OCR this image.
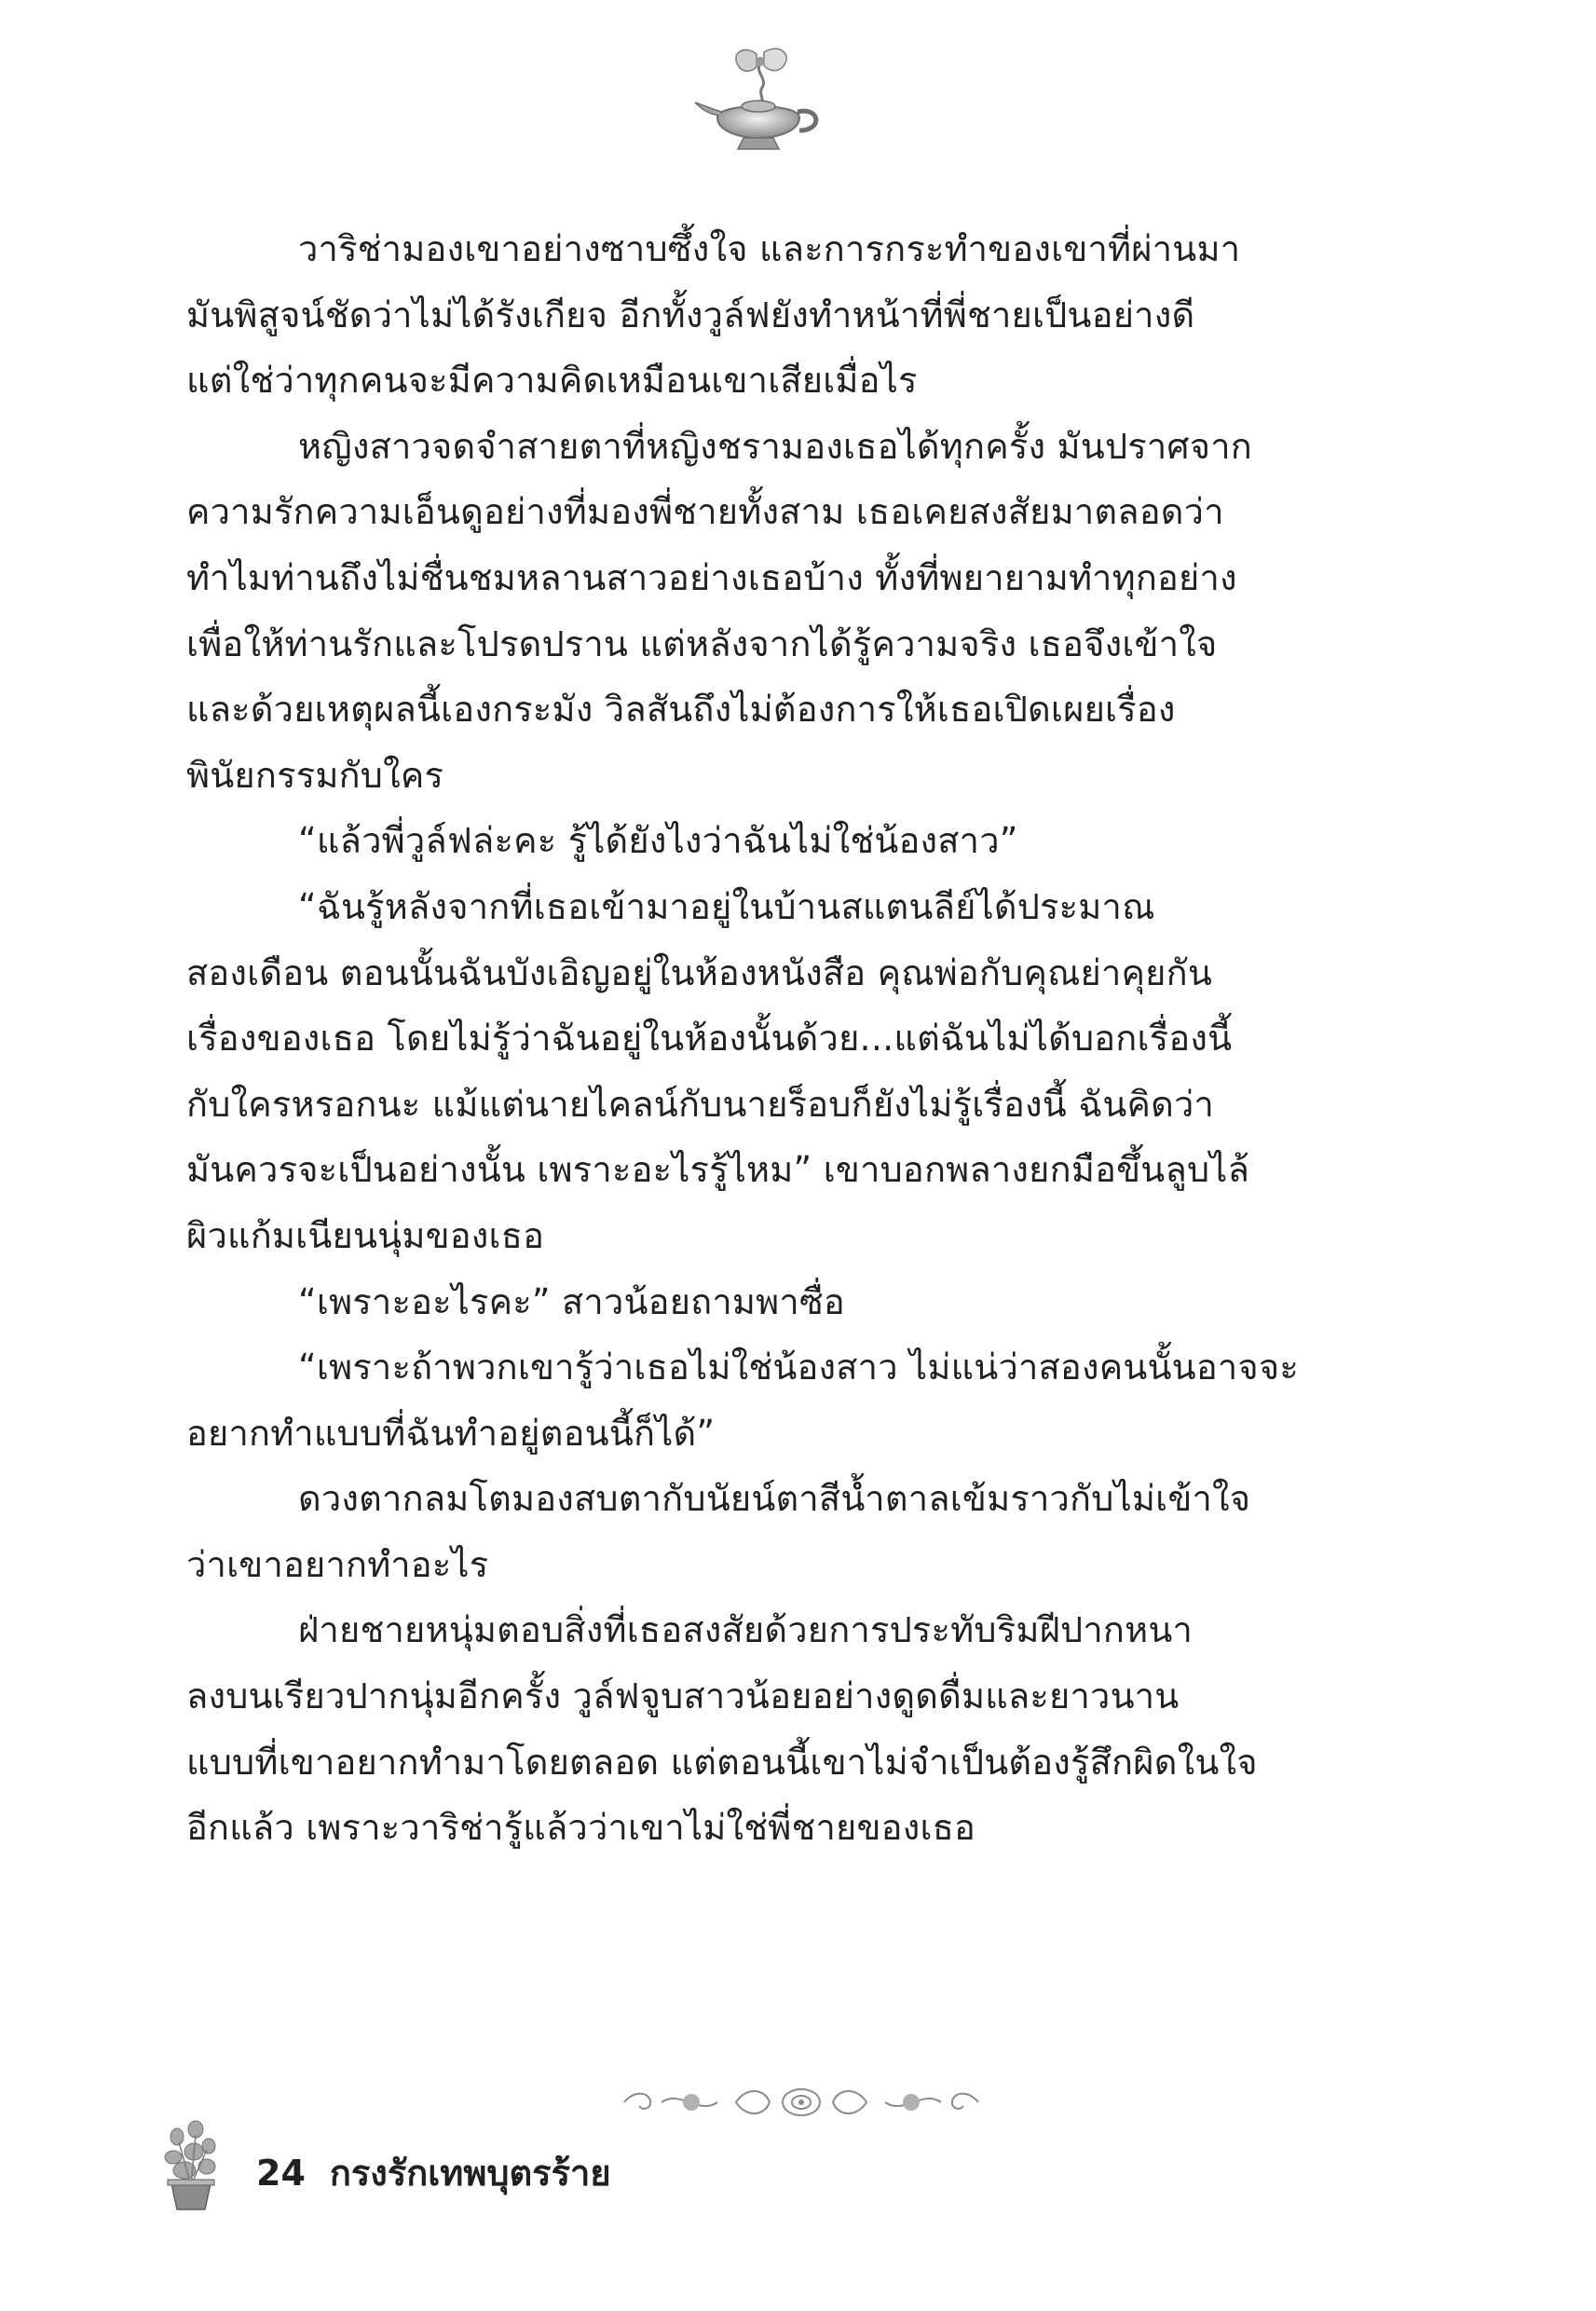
วาริช่ามองเขาอย่างซาบซึ้งใจ และการกระทำของเขาที่ผ่านมา
มันพิสูจน์ชัดว่าไม่ได้รังเกียจ อีกทั้งวูล์ฟยังทำหน้าที่พี่ชายเป็นอย่างดี
แต่ใช่ว่าทุกคนจะมีความคิดเหมือนเขาเสียเมื่อไร

หญิงสาวจดจำสายตาที่หญิงชรามองเธอได้ทุกครั้ง มันปราศจาก
ความรักความเอ็นดูอย่างที่มองพี่ชายทั้งสาม เธอเคยสงสัยมาตลอดว่า
ทำไมท่านถึงไม่ชื่นชมหลานสาวอย่างเธอบ้าง ทั้งที่พยายามทำทุกอย่าง
เพื่อให้ท่านรักและโปรดปราน แต่หลังจากได้รู้ความจริง เธอจึงเข้าใจ
และด้วยเหตุผลนี้เองกระมัง วิลสันถึงไม่ต้องการให้เธอเปิดเผยเรื่อง
พินัยกรรมกับใคร

“แล้วพี่วูล์ฟล่ะคะ รู้ได้ยังไงว่าฉันไม่ใช่น้องสาว”

“ฉันรู้หลังจากที่เธอเข้ามาอยู่ในบ้านสแตนลีย์ได้ประมาณ
สองเดือน ตอนนั้นฉันบังเอิญอยู่ในห้องหนังสือ คุณพ่อกับคุณย่าคุยกัน
เรื่องของเธอ โดยไม่รู้ว่าฉันอยู่ในห้องนั้นด้วย...แต่ฉันไม่ได้บอกเรื่องนี้
กับใครหรอกนะ แม้แต่นายไคลน์กับนายร็อบก็ยังไม่รู้เรื่องนี้ ฉันคิดว่า
มันควรจะเป็นอย่างนั้น เพราะอะไรรู้ไหม” เขาบอกพลางยกมือขึ้นลูบไล้
ผิวแก้มเนียนนุ่มของเธอ

“เพราะอะไรคะ” สาวน้อยถามพาซื่อ

“เพราะถ้าพวกเขารู้ว่าเธอไม่ใช่น้องสาว ไม่แน่ว่าสองคนนั้นอาจจะ
อยากทำแบบที่ฉันทำอยู่ตอนนี้ก็ได้”

ดวงตากลมโตมองสบตากับนัยน์ตาสีน้ำตาลเข้มราวกับไม่เข้าใจ
ว่าเขาอยากทำอะไร

ฝ่ายชายหนุ่มตอบสิ่งที่เธอสงสัยด้วยการประทับริมฝีปากหนา
ลงบนเรียวปากนุ่มอีกครั้ง วูล์ฟจูบสาวน้อยอย่างดูดดื่มและยาวนาน
แบบที่เขาอยากทำมาโดยตลอด แต่ตอนนี้เขาไม่จำเป็นต้องรู้สึกผิดในใจ
อีกแล้ว เพราะวาริช่ารู้แล้วว่าเขาไม่ใช่พี่ชายของเธอ

24 กรงรักเทพบุตรร้าย
